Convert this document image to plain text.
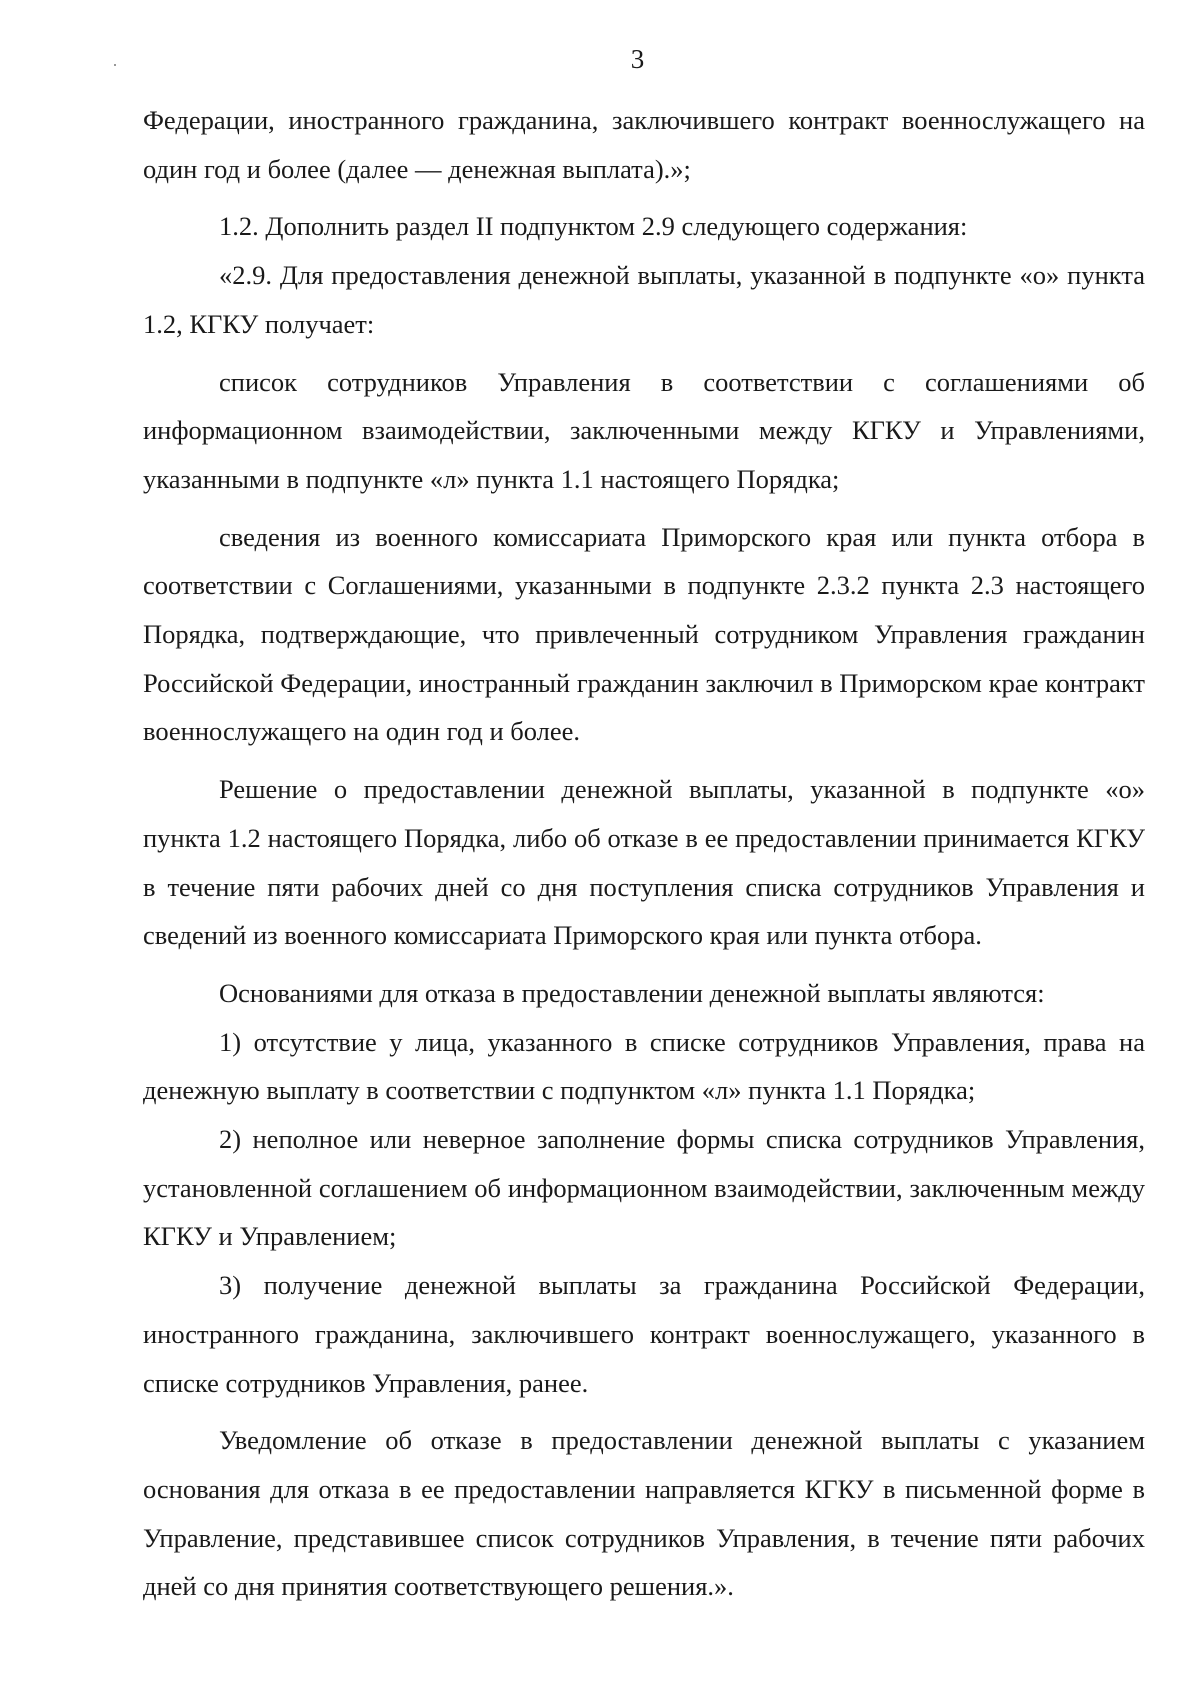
3

Федерации, иностранного гражданина, заключившего контракт военнослужащего на один год и более (далее — денежная выплата).»;

1.2. Дополнить раздел II подпунктом 2.9 следующего содержания:

«2.9. Для предоставления денежной выплаты, указанной в подпункте «о» пункта 1.2, КГКУ получает:

список сотрудников Управления в соответствии с соглашениями об информационном взаимодействии, заключенными между КГКУ и Управлениями, указанными в подпункте «л» пункта 1.1 настоящего Порядка;

сведения из военного комиссариата Приморского края или пункта отбора в соответствии с Соглашениями, указанными в подпункте 2.3.2 пункта 2.3 настоящего Порядка, подтверждающие, что привлеченный сотрудником Управления гражданин Российской Федерации, иностранный гражданин заключил в Приморском крае контракт военнослужащего на один год и более.

Решение о предоставлении денежной выплаты, указанной в подпункте «о» пункта 1.2 настоящего Порядка, либо об отказе в ее предоставлении принимается КГКУ в течение пяти рабочих дней со дня поступления списка сотрудников Управления и сведений из военного комиссариата Приморского края или пункта отбора.

Основаниями для отказа в предоставлении денежной выплаты являются:

1) отсутствие у лица, указанного в списке сотрудников Управления, права на денежную выплату в соответствии с подпунктом «л» пункта 1.1 Порядка;

2) неполное или неверное заполнение формы списка сотрудников Управления, установленной соглашением об информационном взаимодействии, заключенным между КГКУ и Управлением;

3) получение денежной выплаты за гражданина Российской Федерации, иностранного гражданина, заключившего контракт военнослужащего, указанного в списке сотрудников Управления, ранее.

Уведомление об отказе в предоставлении денежной выплаты с указанием основания для отказа в ее предоставлении направляется КГКУ в письменной форме в Управление, представившее список сотрудников Управления, в течение пяти рабочих дней со дня принятия соответствующего решения.».
